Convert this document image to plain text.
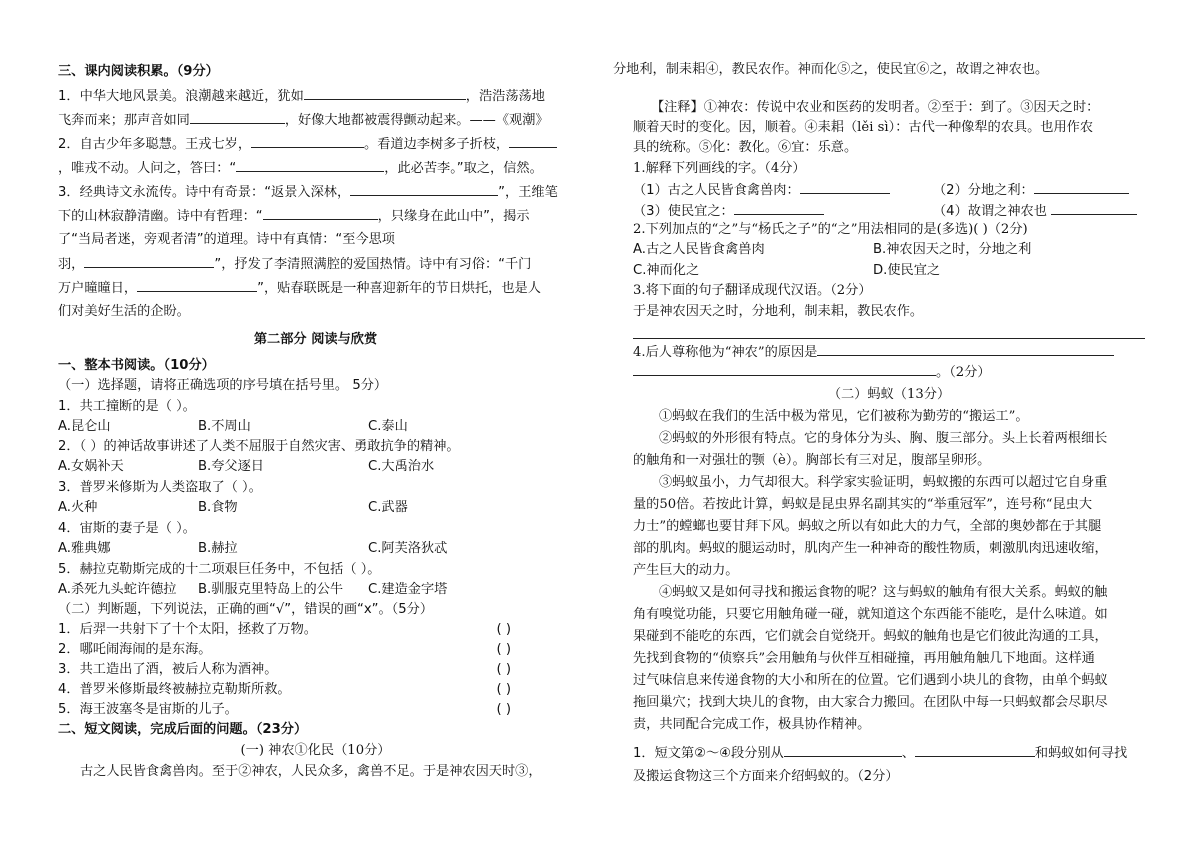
三、课内阅读积累。（9分）
1．中华大地风景美。浪潮越来越近，犹如	，浩浩荡荡地
飞奔而来；那声音如同	，好像大地都被震得颤动起来。——《观潮》
2．自古少年多聪慧。王戎七岁，	。看道边李树多子折枝，
，唯戎不动。人问之，答曰：“	，此必苦李。”取之，信然。
3．经典诗文永流传。诗中有奇景：“返景入深林，	”，王维笔
下的山林寂静清幽。诗中有哲理：“	，只缘身在此山中”，揭示
了“当局者迷，旁观者清”的道理。诗中有真情：“至今思项
羽，	”，抒发了李清照满腔的爱国热情。诗中有习俗：“千门
万户曈曈日，	”，贴春联既是一种喜迎新年的节日烘托，也是人
们对美好生活的企盼。
第二部分 阅读与欣赏
一、整本书阅读。（10分）
（一）选择题，请将正确选项的序号填在括号里。 5分）
1．共工撞断的是（ ）。
A.昆仑山	B.不周山	C.泰山
2．（ ）的神话故事讲述了人类不屈服于自然灾害、勇敢抗争的精神。
A.女娲补天	B.夸父逐日	C.大禹治水
3．普罗米修斯为人类盗取了（ ）。
A.火种	B.食物	C.武器
4．宙斯的妻子是（ ）。
A.雅典娜	B.赫拉	C.阿芙洛狄忒
5．赫拉克勒斯完成的十二项艰巨任务中，不包括（ ）。
A.杀死九头蛇许德拉 B.驯服克里特岛上的公牛 C.建造金字塔
（二）判断题，下列说法，正确的画“√”，错误的画“x”。（5分）
1．后羿一共射下了十个太阳，拯救了万物。	( )
2．哪吒闹海闹的是东海。	( )
3．共工造出了酒，被后人称为酒神。	( )
4．普罗米修斯最终被赫拉克勒斯所救。	( )
5．海王波塞冬是宙斯的儿子。	( )
二、短文阅读，完成后面的问题。（23分）
(一) 神农①化民（10分）
古之人民皆食禽兽肉。至于②神农，人民众多，禽兽不足。于是神农因天时③，
分地利，制耒耜④，教民农作。神而化⑤之，使民宜⑥之，故谓之神农也。
【注释】①神农：传说中农业和医药的发明者。②至于：到了。③因天之时：
顺着天时的变化。因，顺着。④耒耜（lěi sì）：古代一种像犁的农具。也用作农
具的统称。⑤化：教化。⑥宜：乐意。
1.解释下列画线的字。（4分）
（1）古之人民皆食禽兽肉：	（2）分地之利：
（3）使民宜之：	（4）故谓之神农也
2.下列加点的“之”与“杨氏之子”的“之”用法相同的是(多选)( )（2分)
A.古之人民皆食禽兽肉	B.神农因天之时，分地之利
C.神而化之	D.使民宜之
3.将下面的句子翻译成现代汉语。（2分）
于是神农因天之时，分地利，制耒耜，教民农作。
4.后人尊称他为“神农”的原因是
。（2分）
（二）蚂蚁（13分）
①蚂蚁在我们的生活中极为常见，它们被称为勤劳的“搬运工”。
②蚂蚁的外形很有特点。它的身体分为头、胸、腹三部分。头上长着两根细长
的触角和一对强壮的颚（è）。胸部长有三对足，腹部呈卵形。
③蚂蚁虽小，力气却很大。科学家实验证明，蚂蚁搬的东西可以超过它自身重
量的50倍。若按此计算，蚂蚁是昆虫界名副其实的“举重冠军”，连号称“昆虫大
力士”的螳螂也要甘拜下风。蚂蚁之所以有如此大的力气，全部的奥妙都在于其腿
部的肌肉。蚂蚁的腿运动时，肌肉产生一种神奇的酸性物质，刺激肌肉迅速收缩，
产生巨大的动力。
④蚂蚁又是如何寻找和搬运食物的呢？这与蚂蚁的触角有很大关系。蚂蚁的触
角有嗅觉功能，只要它用触角碰一碰，就知道这个东西能不能吃，是什么味道。如
果碰到不能吃的东西，它们就会自觉绕开。蚂蚁的触角也是它们彼此沟通的工具，
先找到食物的“侦察兵”会用触角与伙伴互相碰撞，再用触角触几下地面。这样通
过气味信息来传递食物的大小和所在的位置。它们遇到小块儿的食物，由单个蚂蚁
拖回巢穴；找到大块儿的食物，由大家合力搬回。在团队中每一只蚂蚁都会尽职尽
责，共同配合完成工作，极具协作精神。
1．短文第②～④段分别从	、	和蚂蚁如何寻找
及搬运食物这三个方面来介绍蚂蚁的。（2分）
